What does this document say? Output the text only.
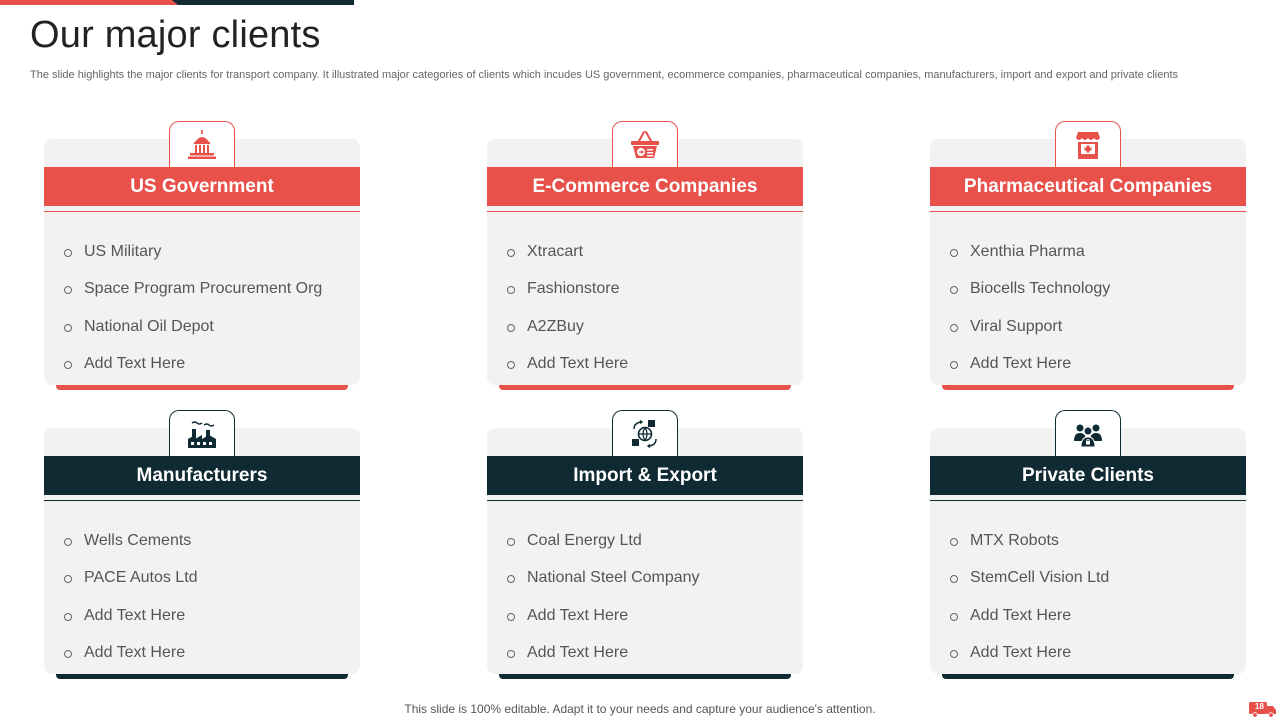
Our major clients

The slide highlights the major clients for transport company. It illustrated major categories of clients which incudes US government, ecommerce companies, pharmaceutical companies, manufacturers, import and export and private clients

US Government
US Military
Space Program Procurement Org
National Oil Depot
Add Text Here
E-Commerce Companies
Xtracart
Fashionstore
A2ZBuy
Add Text Here
Pharmaceutical Companies
Xenthia Pharma
Biocells Technology
Viral Support
Add Text Here
Manufacturers
Wells Cements
PACE Autos Ltd
Add Text Here
Add Text Here
Import & Export
Coal Energy Ltd
National Steel Company
Add Text Here
Add Text Here
Private Clients
MTX Robots
StemCell Vision Ltd
Add Text Here
Add Text Here
This slide is 100% editable. Adapt it to your needs and capture your audience's attention.	18
